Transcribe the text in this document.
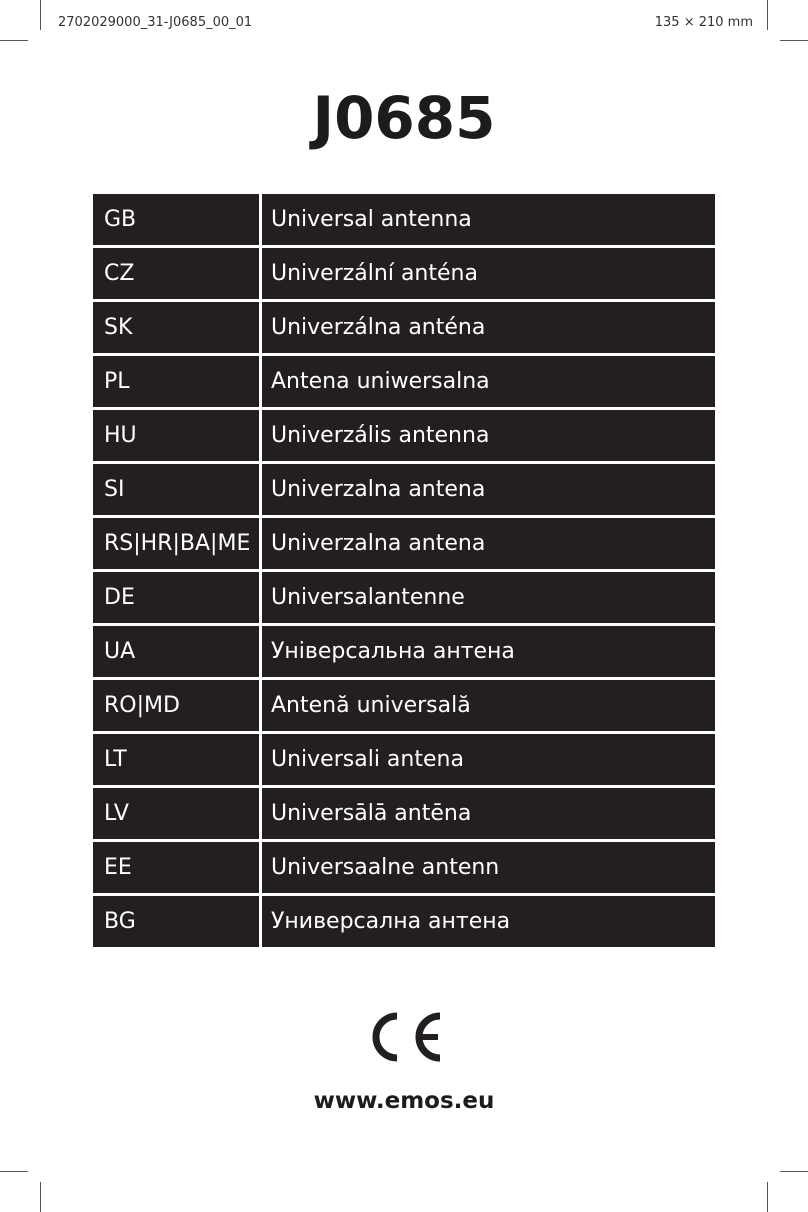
2702029000_31-J0685_00_01	135 × 210 mm
J0685
GB	Universal antenna
CZ	Univerzální anténa
SK	Univerzálna anténa
PL	Antena uniwersalna
HU	Univerzális antenna
SI	Univerzalna antena
RS|HR|BA|ME Univerzalna antena
DE	Universalantenne
UA	Універсальна антена
RO|MD	Antenă universală
LT	Universali antena
LV	Universālā antēna
EE	Universaalne antenn
BG	Универсална антена
www.emos.eu
